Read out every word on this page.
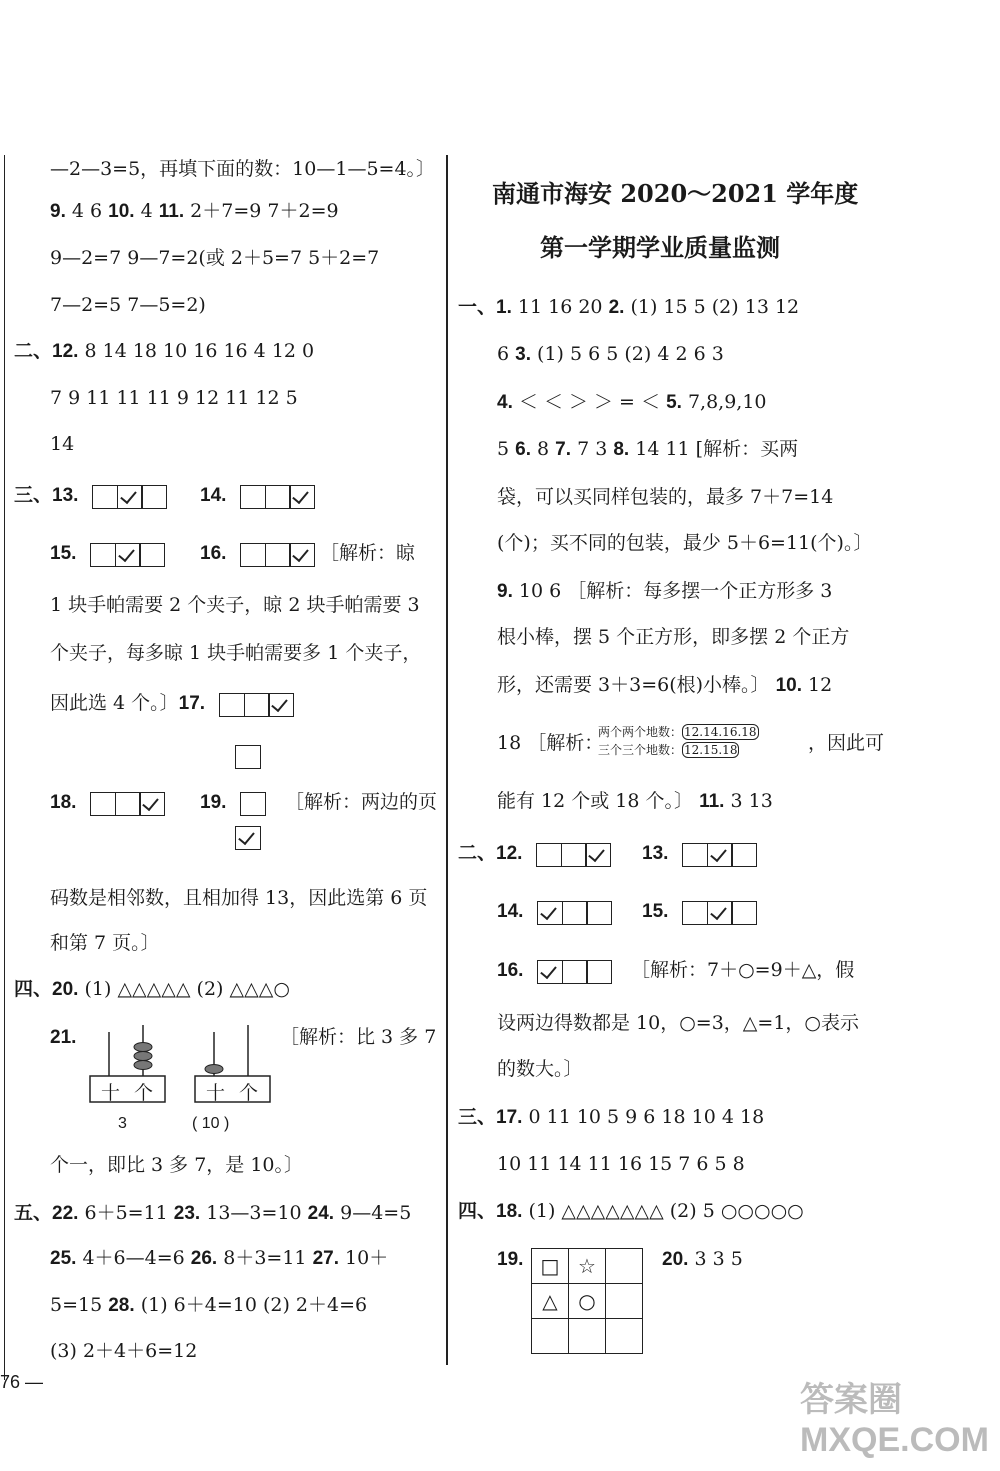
—2—3=5，再填下面的数：10—1—5=4。〕
9. 4 6 10. 4 11. 2＋7=9 7＋2=9
9—2=7 9—7=2(或 2＋5=7 5＋2=7
7—2=5 7—5=2)
二、12. 8 14 18 10 16 16 4 12 0
7 9 11 11 11 9 12 11 12 5
14
三、13.	14.
15.	16.	［解析：晾
1 块手帕需要 2 个夹子，晾 2 块手帕需要 3
个夹子，每多晾 1 块手帕需要多 1 个夹子，
因此选 4 个。〕17.
18.	19.	［解析：两边的页
码数是相邻数，且相加得 13，因此选第 6 页
和第 7 页。〕
四、20. (1) △△△△△ (2) △△△○
21.	［解析：比 3 多 7
十 个	十 个
3	( 10 )
个一，即比 3 多 7，是 10。〕
五、22. 6＋5=11 23. 13—3=10 24. 9—4=5
25. 4＋6—4=6 26. 8＋3=11 27. 10＋
5=15 28. (1) 6＋4=10 (2) 2＋4=6
(3) 2＋4＋6=12
南通市海安 2020～2021 学年度
第一学期学业质量监测
一、1. 11 16 20 2. (1) 15 5 (2) 13 12
6 3. (1) 5 6 5 (2) 4 2 6 3
4. ＜ ＜ ＞ ＞ = ＜ 5. 7,8,9,10
5 6. 8 7. 7 3 8. 14 11 [解析：买两
袋，可以买同样包装的，最多 7＋7=14
(个)；买不同的包装，最少 5＋6=11(个)。〕
9. 10 6 ［解析：每多摆一个正方形多 3
根小棒，摆 5 个正方形，即多摆 2 个正方
形，还需要 3＋3=6(根)小棒。〕 10. 12
18 ［解析：
两个两个地数： 12.14.16.18
三个三个地数： 12.15.18	，因此可
能有 12 个或 18 个。〕 11. 3 13
二、12.	13.
14.	15.
16.	［解析：7＋○=9＋△，假
设两边得数都是 10，○=3，△=1，○表示
的数大。〕
三、17. 0 11 10 5 9 6 18 10 4 18
10 11 14 11 16 15 7 6 5 8
四、18. (1) △△△△△△△ (2) 5 ○○○○○
19. □	☆	
△	○	

20. 3 3 5
76 —	答案圈 MXQE.COM
